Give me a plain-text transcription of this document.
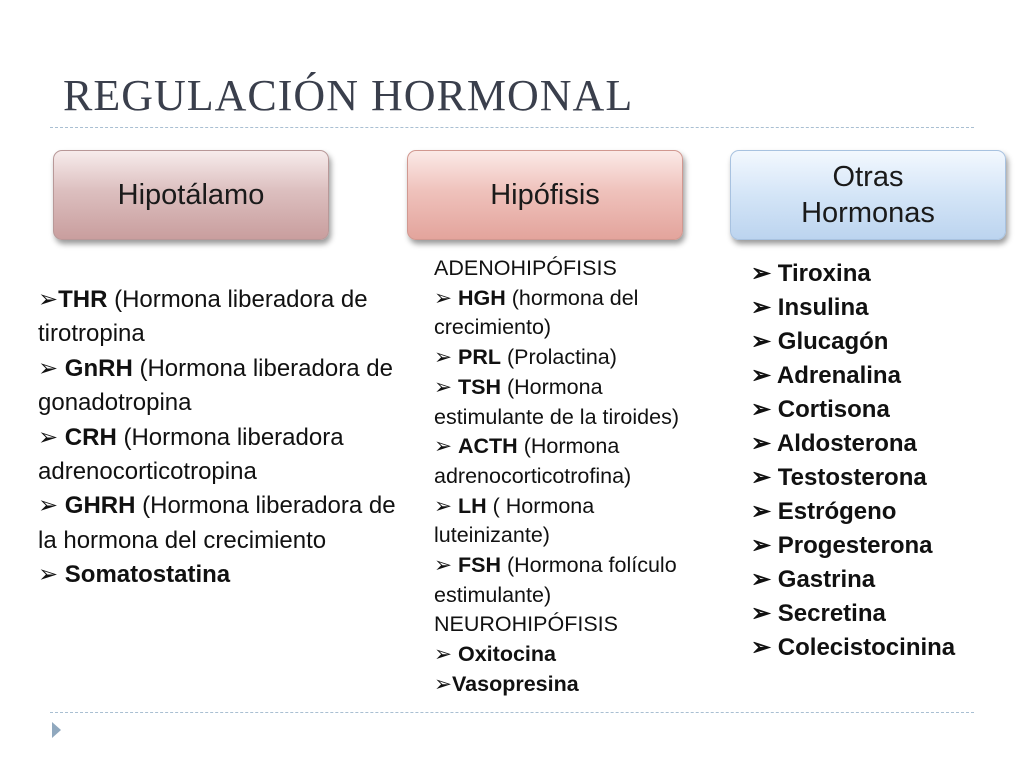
REGULACIÓN HORMONAL
Hipotálamo	Hipófisis
Otras Hormonas
➢THR (Hormona liberadora de tirotropina
➢ GnRH (Hormona liberadora de gonadotropina
➢ CRH (Hormona liberadora adrenocorticotropina
➢ GHRH (Hormona liberadora de la hormona del crecimiento
➢ Somatostatina
ADENOHIPÓFISIS
➢ HGH (hormona del crecimiento)
➢ PRL (Prolactina)
➢ TSH (Hormona estimulante de la tiroides)
➢ ACTH (Hormona adrenocorticotrofina)
➢ LH ( Hormona luteinizante)
➢ FSH (Hormona folículo estimulante)
NEUROHIPÓFISIS
➢ Oxitocina
➢Vasopresina
➢ Tiroxina
➢ Insulina
➢ Glucagón
➢ Adrenalina
➢ Cortisona
➢ Aldosterona
➢ Testosterona
➢ Estrógeno
➢ Progesterona
➢ Gastrina
➢ Secretina
➢ Colecistocinina
